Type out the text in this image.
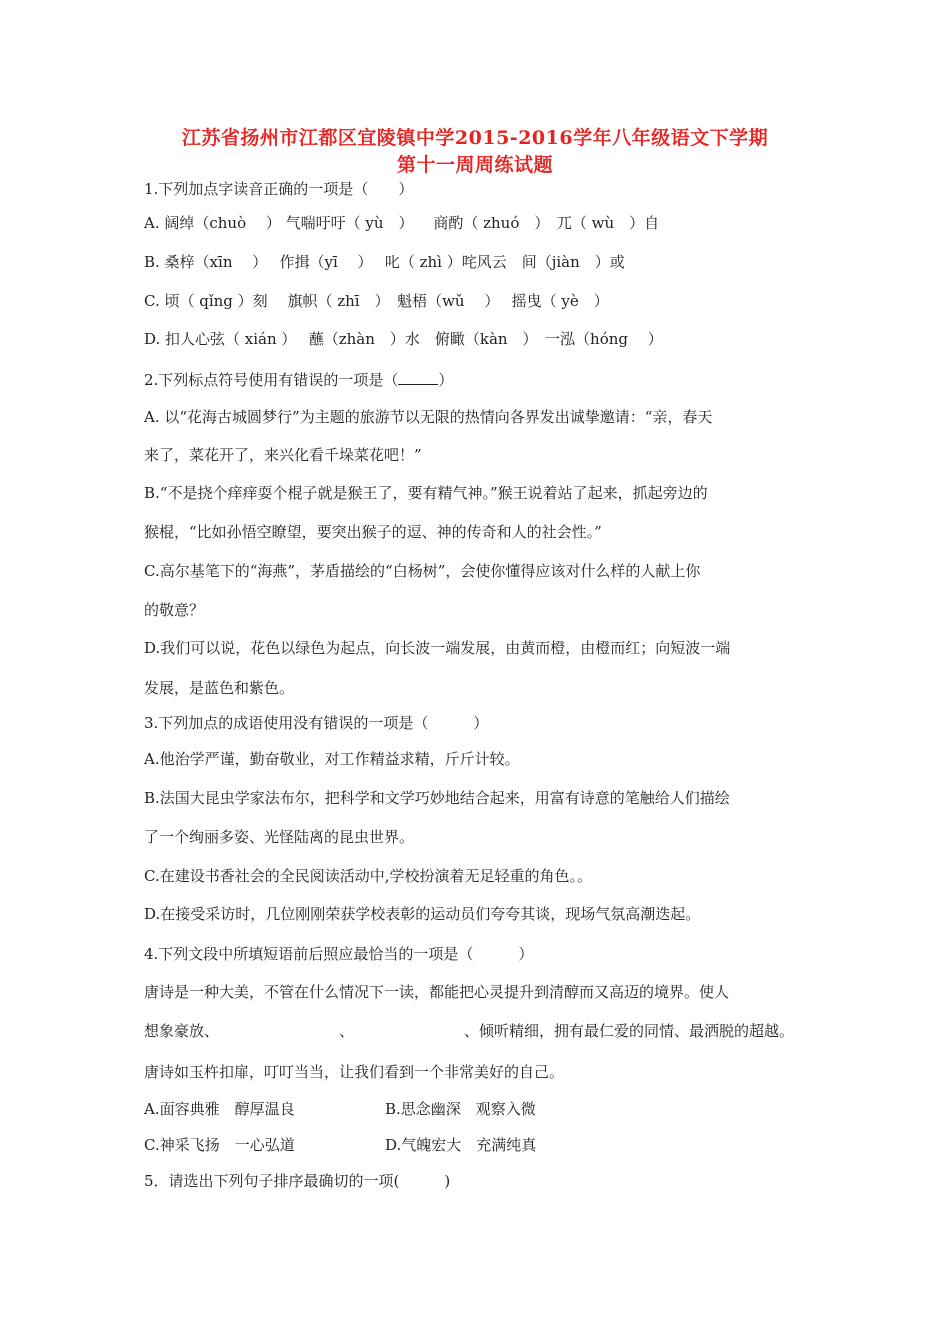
江苏省扬州市江都区宜陵镇中学2015-2016学年八年级语文下学期
第十一周周练试题
1.下列加点字读音正确的一项是（　　）
A. 阔绰（chuò　 ） 气喘吁吁（ yù　） 　商酌（ zhuó　）　兀（ wù　）自
B. 桑梓（xīn　 ）　 作揖（yī　 ）　 叱（ zhì ）咤风云　间（jiàn　）或
C. 顷（ qǐng ）刻　 旗帜（ zhī　）　魁梧（wǔ　 ）　 摇曳（ yè　）
D. 扣人心弦（ xián ）　 蘸（zhàn　）水　俯瞰（kàn　）　一泓（hóng　 ）
2.下列标点符号使用有错误的一项是（	）
A. 以“花海古城圆梦行”为主题的旅游节以无限的热情向各界发出诚挚邀请：“亲，春天
来了，菜花开了，来兴化看千垛菜花吧！”
B.“不是挠个痒痒耍个棍子就是猴王了，要有精气神。”猴王说着站了起来，抓起旁边的
猴棍，“比如孙悟空瞭望，要突出猴子的逗、神的传奇和人的社会性。”
C.高尔基笔下的“海燕”，茅盾描绘的“白杨树”，会使你懂得应该对什么样的人献上你
的敬意？
D.我们可以说，花色以绿色为起点，向长波一端发展，由黄而橙，由橙而红；向短波一端
发展，是蓝色和紫色。
3.下列加点的成语使用没有错误的一项是（　　　）
A.他治学严谨，勤奋敬业，对工作精益求精，斤斤计较。
B.法国大昆虫学家法布尔，把科学和文学巧妙地结合起来，用富有诗意的笔触给人们描绘
了一个绚丽多姿、光怪陆离的昆虫世界。
C.在建设书香社会的全民阅读活动中,学校扮演着无足轻重的角色。。
D.在接受采访时，几位刚刚荣获学校表彰的运动员们夸夸其谈，现场气氛高潮迭起。
4.下列文段中所填短语前后照应最恰当的一项是（　　　）
唐诗是一种大美，不管在什么情况下一读，都能把心灵提升到清醇而又高迈的境界。使人
想象豪放、	、	、倾听精细，拥有最仁爱的同情、最洒脱的超越。
唐诗如玉杵扣扉，叮叮当当，让我们看到一个非常美好的自己。
A.面容典雅　醇厚温良	B.思念幽深　观察入微
C.神采飞扬　一心弘道	D.气魄宏大　充满纯真
5．请选出下列句子排序最确切的一项(　　　)
